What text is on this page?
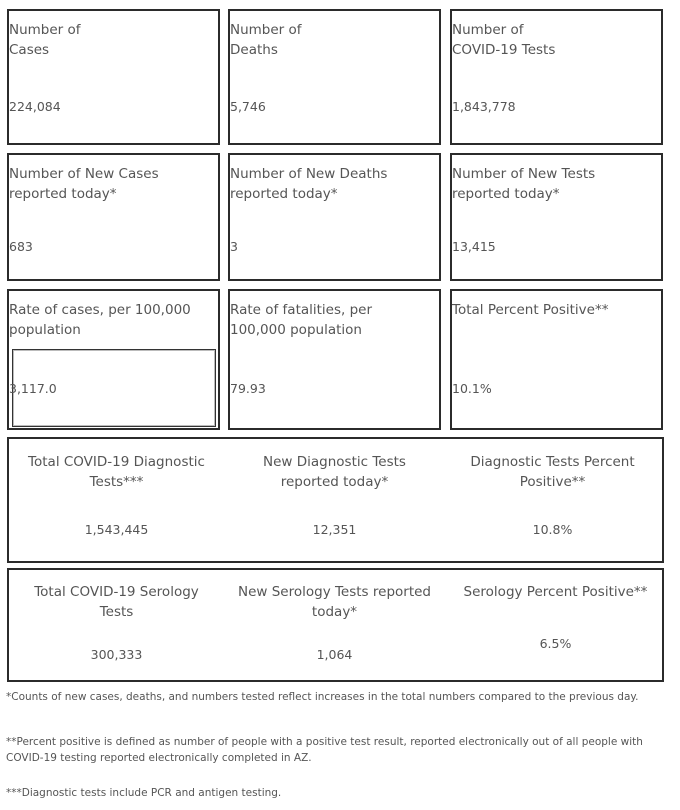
Number of
Cases
224,084
Number of
Deaths
5,746
Number of
COVID-19 Tests
1,843,778
Number of New Cases
reported today*
683
Number of New Deaths
reported today*
3
Number of New Tests
reported today*
13,415
Rate of cases, per 100,000
population
3,117.0
Rate of fatalities, per
100,000 population
79.93
Total Percent Positive**
10.1%
Total COVID-19 Diagnostic
Tests***
1,543,445
New Diagnostic Tests
reported today*
12,351
Diagnostic Tests Percent
Positive**
10.8%
Total COVID-19 Serology
Tests
300,333
New Serology Tests reported
today*
1,064
Serology Percent Positive**
6.5%
*Counts of new cases, deaths, and numbers tested reflect increases in the total numbers compared to the previous day.
**Percent positive is defined as number of people with a positive test result, reported electronically out of all people with COVID-19 testing reported electronically completed in AZ.
***Diagnostic tests include PCR and antigen testing.
